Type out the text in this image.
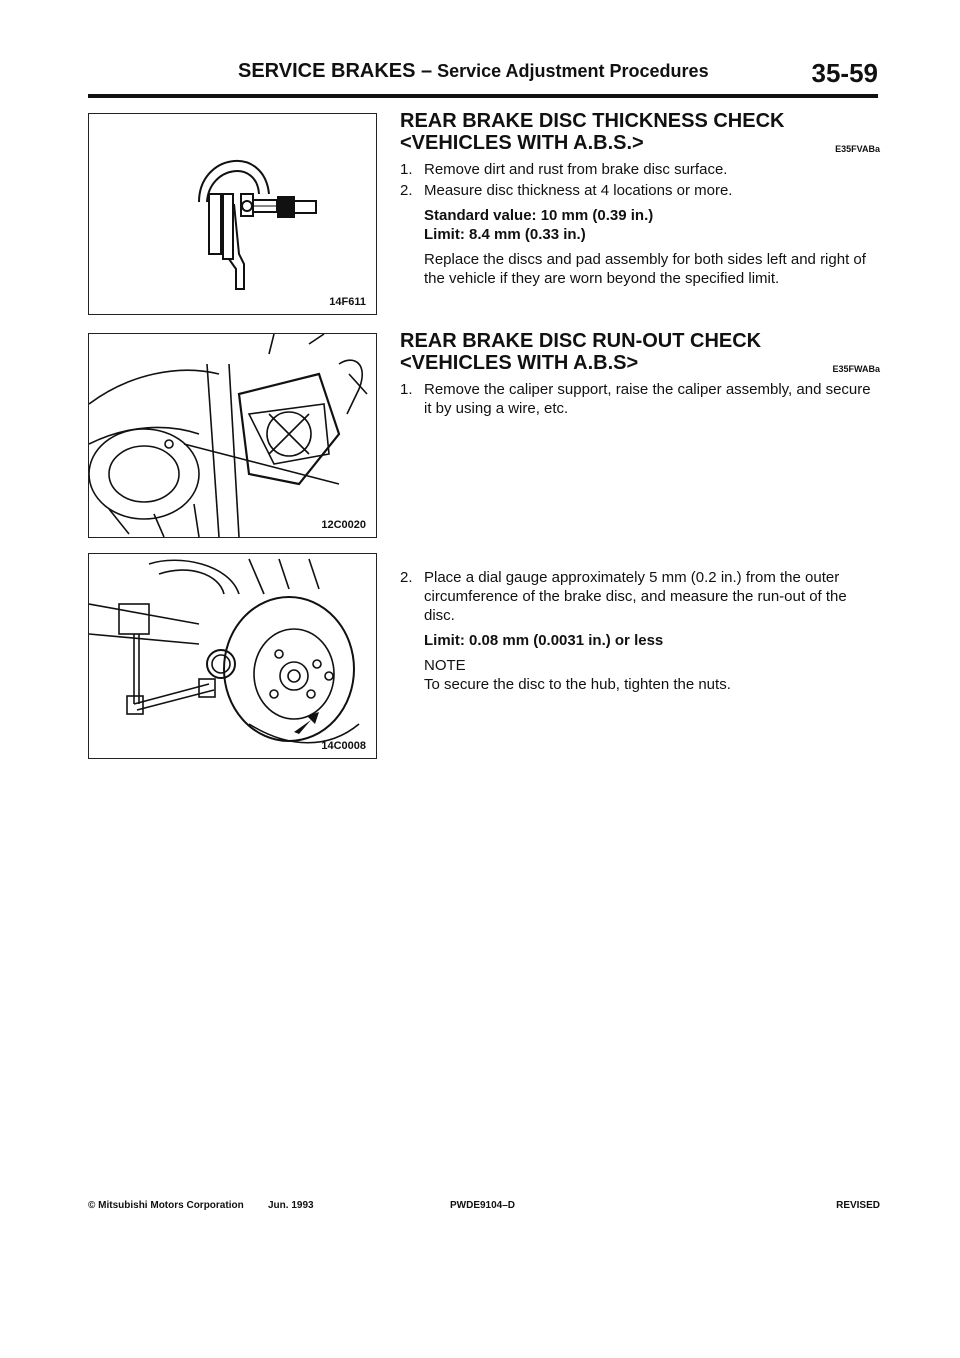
SERVICE BRAKES – Service Adjustment Procedures	35-59
14F611
12C0020
14C0008
REAR BRAKE DISC THICKNESS CHECK
<VEHICLES WITH A.B.S.>	E35FVABa
1. Remove dirt and rust from brake disc surface.
2. Measure disc thickness at 4 locations or more.
Standard value: 10 mm (0.39 in.)
Limit: 8.4 mm (0.33 in.)
Replace the discs and pad assembly for both sides left and right of the vehicle if they are worn beyond the specified limit.
REAR BRAKE DISC RUN-OUT CHECK
<VEHICLES WITH A.B.S>	E35FWABa
1. Remove the caliper support, raise the caliper assembly, and secure it by using a wire, etc.
2. Place a dial gauge approximately 5 mm (0.2 in.) from the outer circumference of the brake disc, and measure the run-out of the disc.
Limit: 0.08 mm (0.0031 in.) or less
NOTE
To secure the disc to the hub, tighten the nuts.
© Mitsubishi Motors Corporation Jun. 1993	PWDE9104–D	REVISED
